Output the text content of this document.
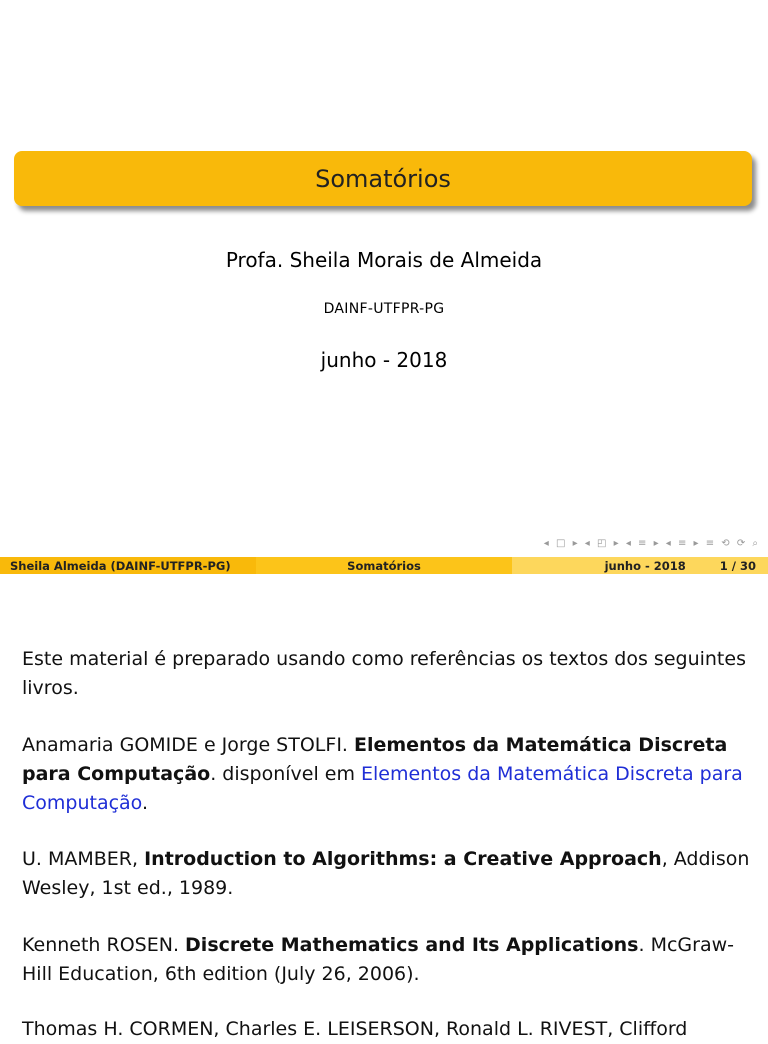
Somatórios
Profa. Sheila Morais de Almeida
DAINF-UTFPR-PG
junho - 2018
◂ □ ▸ ◂ ◰ ▸ ◂ ≡ ▸ ◂ ≡ ▸ ≡ ⟲ ⟳ ⌕
Sheila Almeida (DAINF-UTFPR-PG)	Somatórios	junho - 2018	1 / 30
Este material é preparado usando como referências os textos dos seguintes livros.
Anamaria GOMIDE e Jorge STOLFI. Elementos da Matemática Discreta para Computação. disponível em Elementos da Matemática Discreta para Computação.
U. MAMBER, Introduction to Algorithms: a Creative Approach, Addison Wesley, 1st ed., 1989.
Kenneth ROSEN. Discrete Mathematics and Its Applications. McGraw-Hill Education, 6th edition (July 26, 2006).
Thomas H. CORMEN, Charles E. LEISERSON, Ronald L. RIVEST, Clifford
